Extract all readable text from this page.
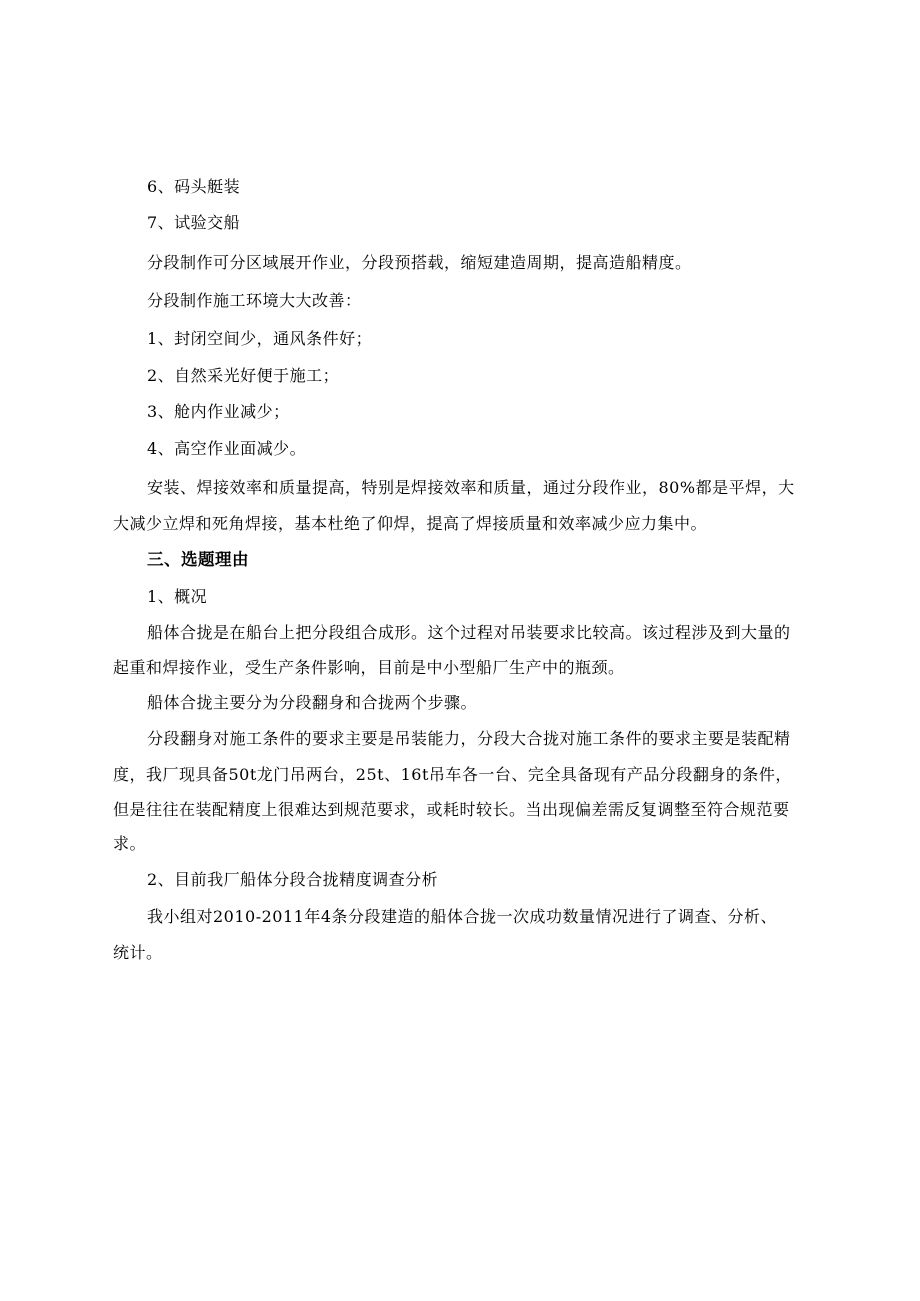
6、码头艇装
7、试验交船
分段制作可分区域展开作业，分段预搭载，缩短建造周期，提高造船精度。
分段制作施工环境大大改善：
1、封闭空间少，通风条件好；
2、自然采光好便于施工；
3、舱内作业减少；
4、高空作业面减少。
安装、焊接效率和质量提高，特别是焊接效率和质量，通过分段作业，80%都是平焊，大
大减少立焊和死角焊接，基本杜绝了仰焊，提高了焊接质量和效率减少应力集中。
三、选题理由
1、概况
船体合拢是在船台上把分段组合成形。这个过程对吊装要求比较高。该过程涉及到大量的
起重和焊接作业，受生产条件影响，目前是中小型船厂生产中的瓶颈。
船体合拢主要分为分段翻身和合拢两个步骤。
分段翻身对施工条件的要求主要是吊装能力，分段大合拢对施工条件的要求主要是装配精
度，我厂现具备50t龙门吊两台，25t、16t吊车各一台、完全具备现有产品分段翻身的条件，
但是往往在装配精度上很难达到规范要求，或耗时较长。当出现偏差需反复调整至符合规范要
求。
2、目前我厂船体分段合拢精度调查分析
我小组对2010-2011年4条分段建造的船体合拢一次成功数量情况进行了调查、分析、
统计。
